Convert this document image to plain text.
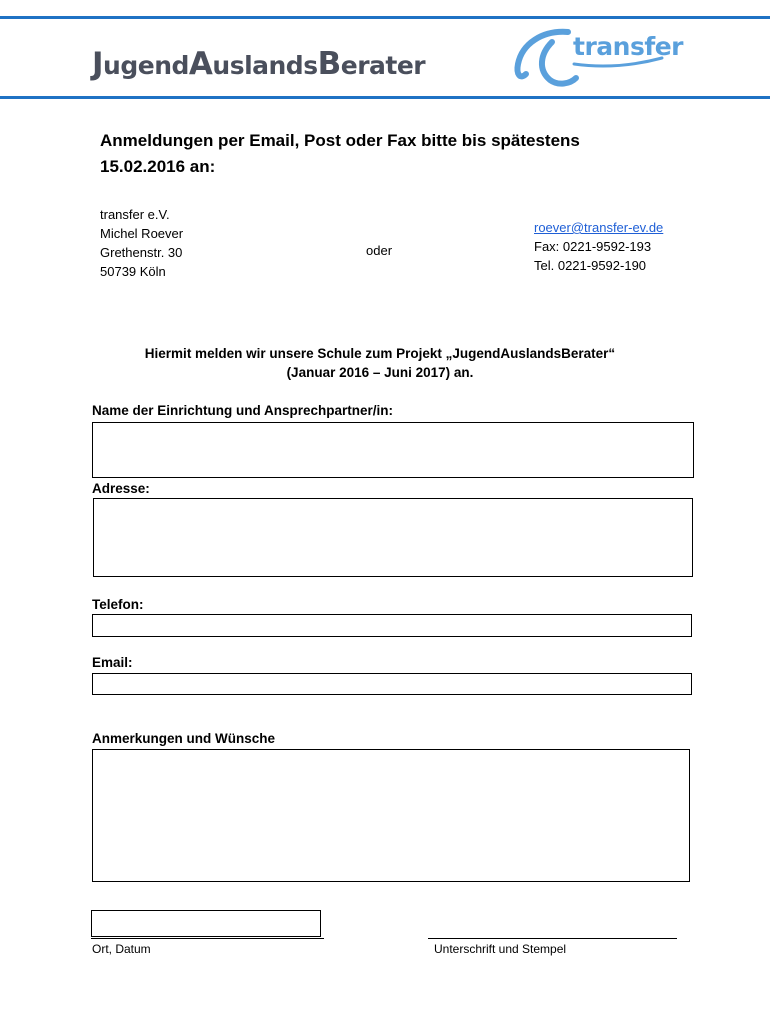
JugendAuslandsBerater
transfer
Anmeldungen per Email, Post oder Fax bitte bis spätestens
15.02.2016 an:
transfer e.V.
Michel Roever
Grethenstr. 30
50739 Köln
oder
roever@transfer-ev.de
Fax: 0221-9592-193
Tel. 0221-9592-190
Hiermit melden wir unsere Schule zum Projekt „JugendAuslandsBerater“
(Januar 2016 – Juni 2017) an.
Name der Einrichtung und Ansprechpartner/in:
Adresse:
Telefon:
Email:
Anmerkungen und Wünsche
Ort, Datum	Unterschrift und Stempel
